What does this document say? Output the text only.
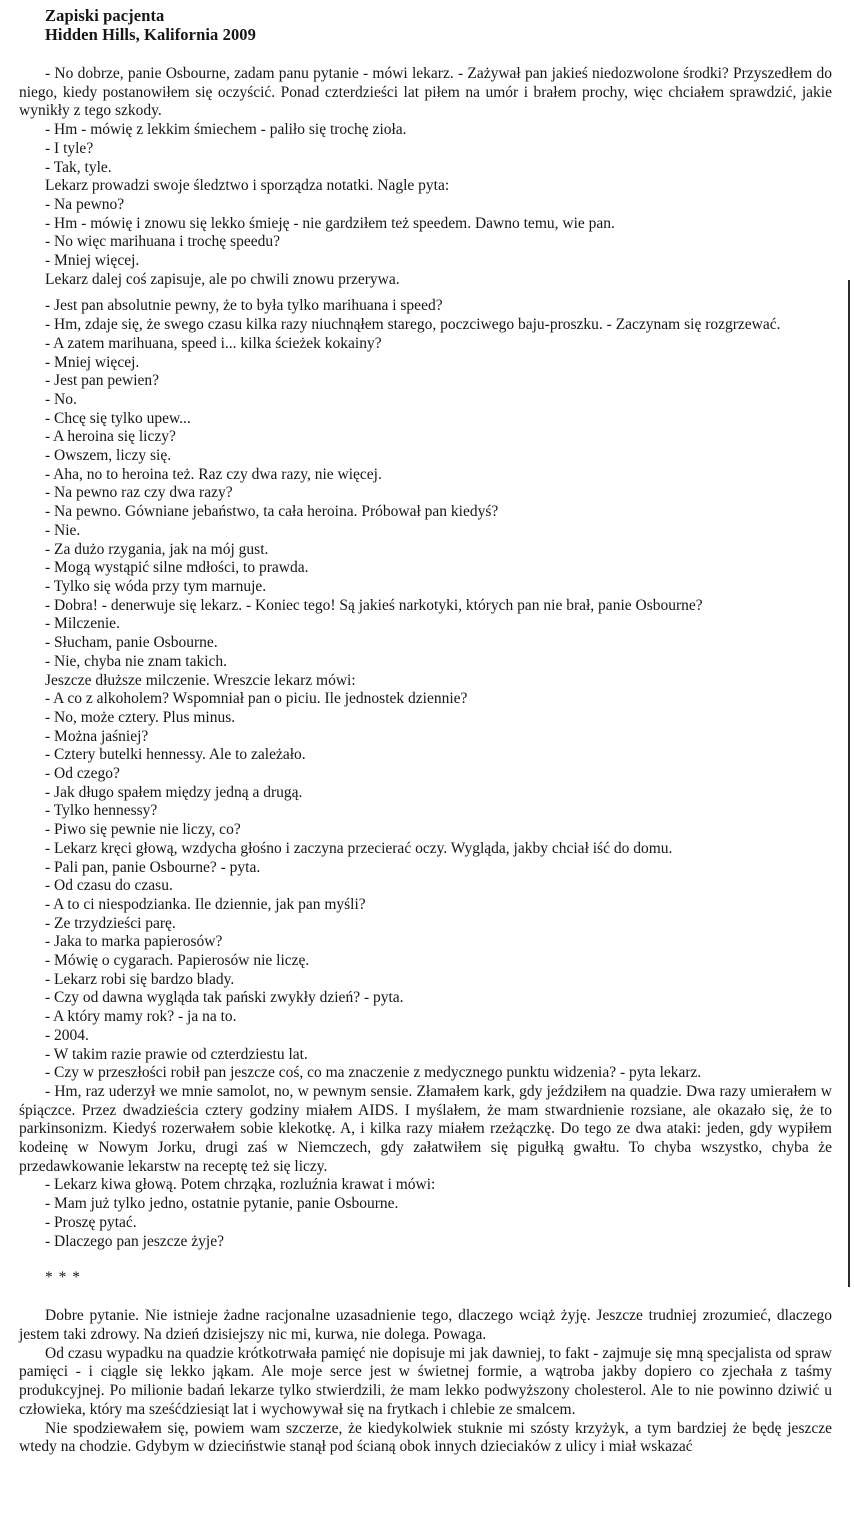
Zapiski pacjenta
Hidden Hills, Kalifornia 2009

- No dobrze, panie Osbourne, zadam panu pytanie - mówi lekarz. - Zażywał pan jakieś niedozwolone środki? Przyszedłem do niego, kiedy postanowiłem się oczyścić. Ponad czterdzieści lat piłem na umór i brałem prochy, więc chciałem sprawdzić, jakie wynikły z tego szkody.

- Hm - mówię z lekkim śmiechem - paliło się trochę zioła.

- I tyle?

- Tak, tyle.

Lekarz prowadzi swoje śledztwo i sporządza notatki. Nagle pyta:

- Na pewno?

- Hm - mówię i znowu się lekko śmieję - nie gardziłem też speedem. Dawno temu, wie pan.

- No więc marihuana i trochę speedu?

- Mniej więcej.

Lekarz dalej coś zapisuje, ale po chwili znowu przerywa.

- Jest pan absolutnie pewny, że to była tylko marihuana i speed?

- Hm, zdaje się, że swego czasu kilka razy niuchnąłem starego, poczciwego baju-proszku. - Zaczynam się rozgrzewać.

- A zatem marihuana, speed i... kilka ścieżek kokainy?

- Mniej więcej.

- Jest pan pewien?

- No.

- Chcę się tylko upew...

- A heroina się liczy?

- Owszem, liczy się.

- Aha, no to heroina też. Raz czy dwa razy, nie więcej.

- Na pewno raz czy dwa razy?

- Na pewno. Gówniane jebaństwo, ta cała heroina. Próbował pan kiedyś?

- Nie.

- Za dużo rzygania, jak na mój gust.

- Mogą wystąpić silne mdłości, to prawda.

- Tylko się wóda przy tym marnuje.

- Dobra! - denerwuje się lekarz. - Koniec tego! Są jakieś narkotyki, których pan nie brał, panie Osbourne?

- Milczenie.

- Słucham, panie Osbourne.

- Nie, chyba nie znam takich.

Jeszcze dłuższe milczenie. Wreszcie lekarz mówi:

- A co z alkoholem? Wspomniał pan o piciu. Ile jednostek dziennie?

- No, może cztery. Plus minus.

- Można jaśniej?

- Cztery butelki hennessy. Ale to zależało.

- Od czego?

- Jak długo spałem między jedną a drugą.

- Tylko hennessy?

- Piwo się pewnie nie liczy, co?

- Lekarz kręci głową, wzdycha głośno i zaczyna przecierać oczy. Wygląda, jakby chciał iść do domu.

- Pali pan, panie Osbourne? - pyta.

- Od czasu do czasu.

- A to ci niespodzianka. Ile dziennie, jak pan myśli?

- Ze trzydzieści parę.

- Jaka to marka papierosów?

- Mówię o cygarach. Papierosów nie liczę.

- Lekarz robi się bardzo blady.

- Czy od dawna wygląda tak pański zwykły dzień? - pyta.

- A który mamy rok? - ja na to.

- 2004.

- W takim razie prawie od czterdziestu lat.

- Czy w przeszłości robił pan jeszcze coś, co ma znaczenie z medycznego punktu widzenia? - pyta lekarz.

- Hm, raz uderzył we mnie samolot, no, w pewnym sensie. Złamałem kark, gdy jeździłem na quadzie. Dwa razy umierałem w śpiączce. Przez dwadzieścia cztery godziny miałem AIDS. I myślałem, że mam stwardnienie rozsiane, ale okazało się, że to parkinsonizm. Kiedyś rozerwałem sobie klekotkę. A, i kilka razy miałem rzeżączkę. Do tego ze dwa ataki: jeden, gdy wypiłem kodeinę w Nowym Jorku, drugi zaś w Niemczech, gdy załatwiłem się pigułką gwałtu. To chyba wszystko, chyba że przedawkowanie lekarstw na receptę też się liczy.

- Lekarz kiwa głową. Potem chrząka, rozluźnia krawat i mówi:

- Mam już tylko jedno, ostatnie pytanie, panie Osbourne.

- Proszę pytać.

- Dlaczego pan jeszcze żyje?

* * *

Dobre pytanie. Nie istnieje żadne racjonalne uzasadnienie tego, dlaczego wciąż żyję. Jeszcze trudniej zrozumieć, dlaczego jestem taki zdrowy. Na dzień dzisiejszy nic mi, kurwa, nie dolega. Powaga.

Od czasu wypadku na quadzie krótkotrwała pamięć nie dopisuje mi jak dawniej, to fakt - zajmuje się mną specjalista od spraw pamięci - i ciągle się lekko jąkam. Ale moje serce jest w świetnej formie, a wątroba jakby dopiero co zjechała z taśmy produkcyjnej. Po milionie badań lekarze tylko stwierdzili, że mam lekko podwyższony cholesterol. Ale to nie powinno dziwić u człowieka, który ma sześćdziesiąt lat i wychowywał się na frytkach i chlebie ze smalcem.

Nie spodziewałem się, powiem wam szczerze, że kiedykolwiek stuknie mi szósty krzyżyk, a tym bardziej że będę jeszcze wtedy na chodzie. Gdybym w dzieciństwie stanął pod ścianą obok innych dzieciaków z ulicy i miał wskazać
